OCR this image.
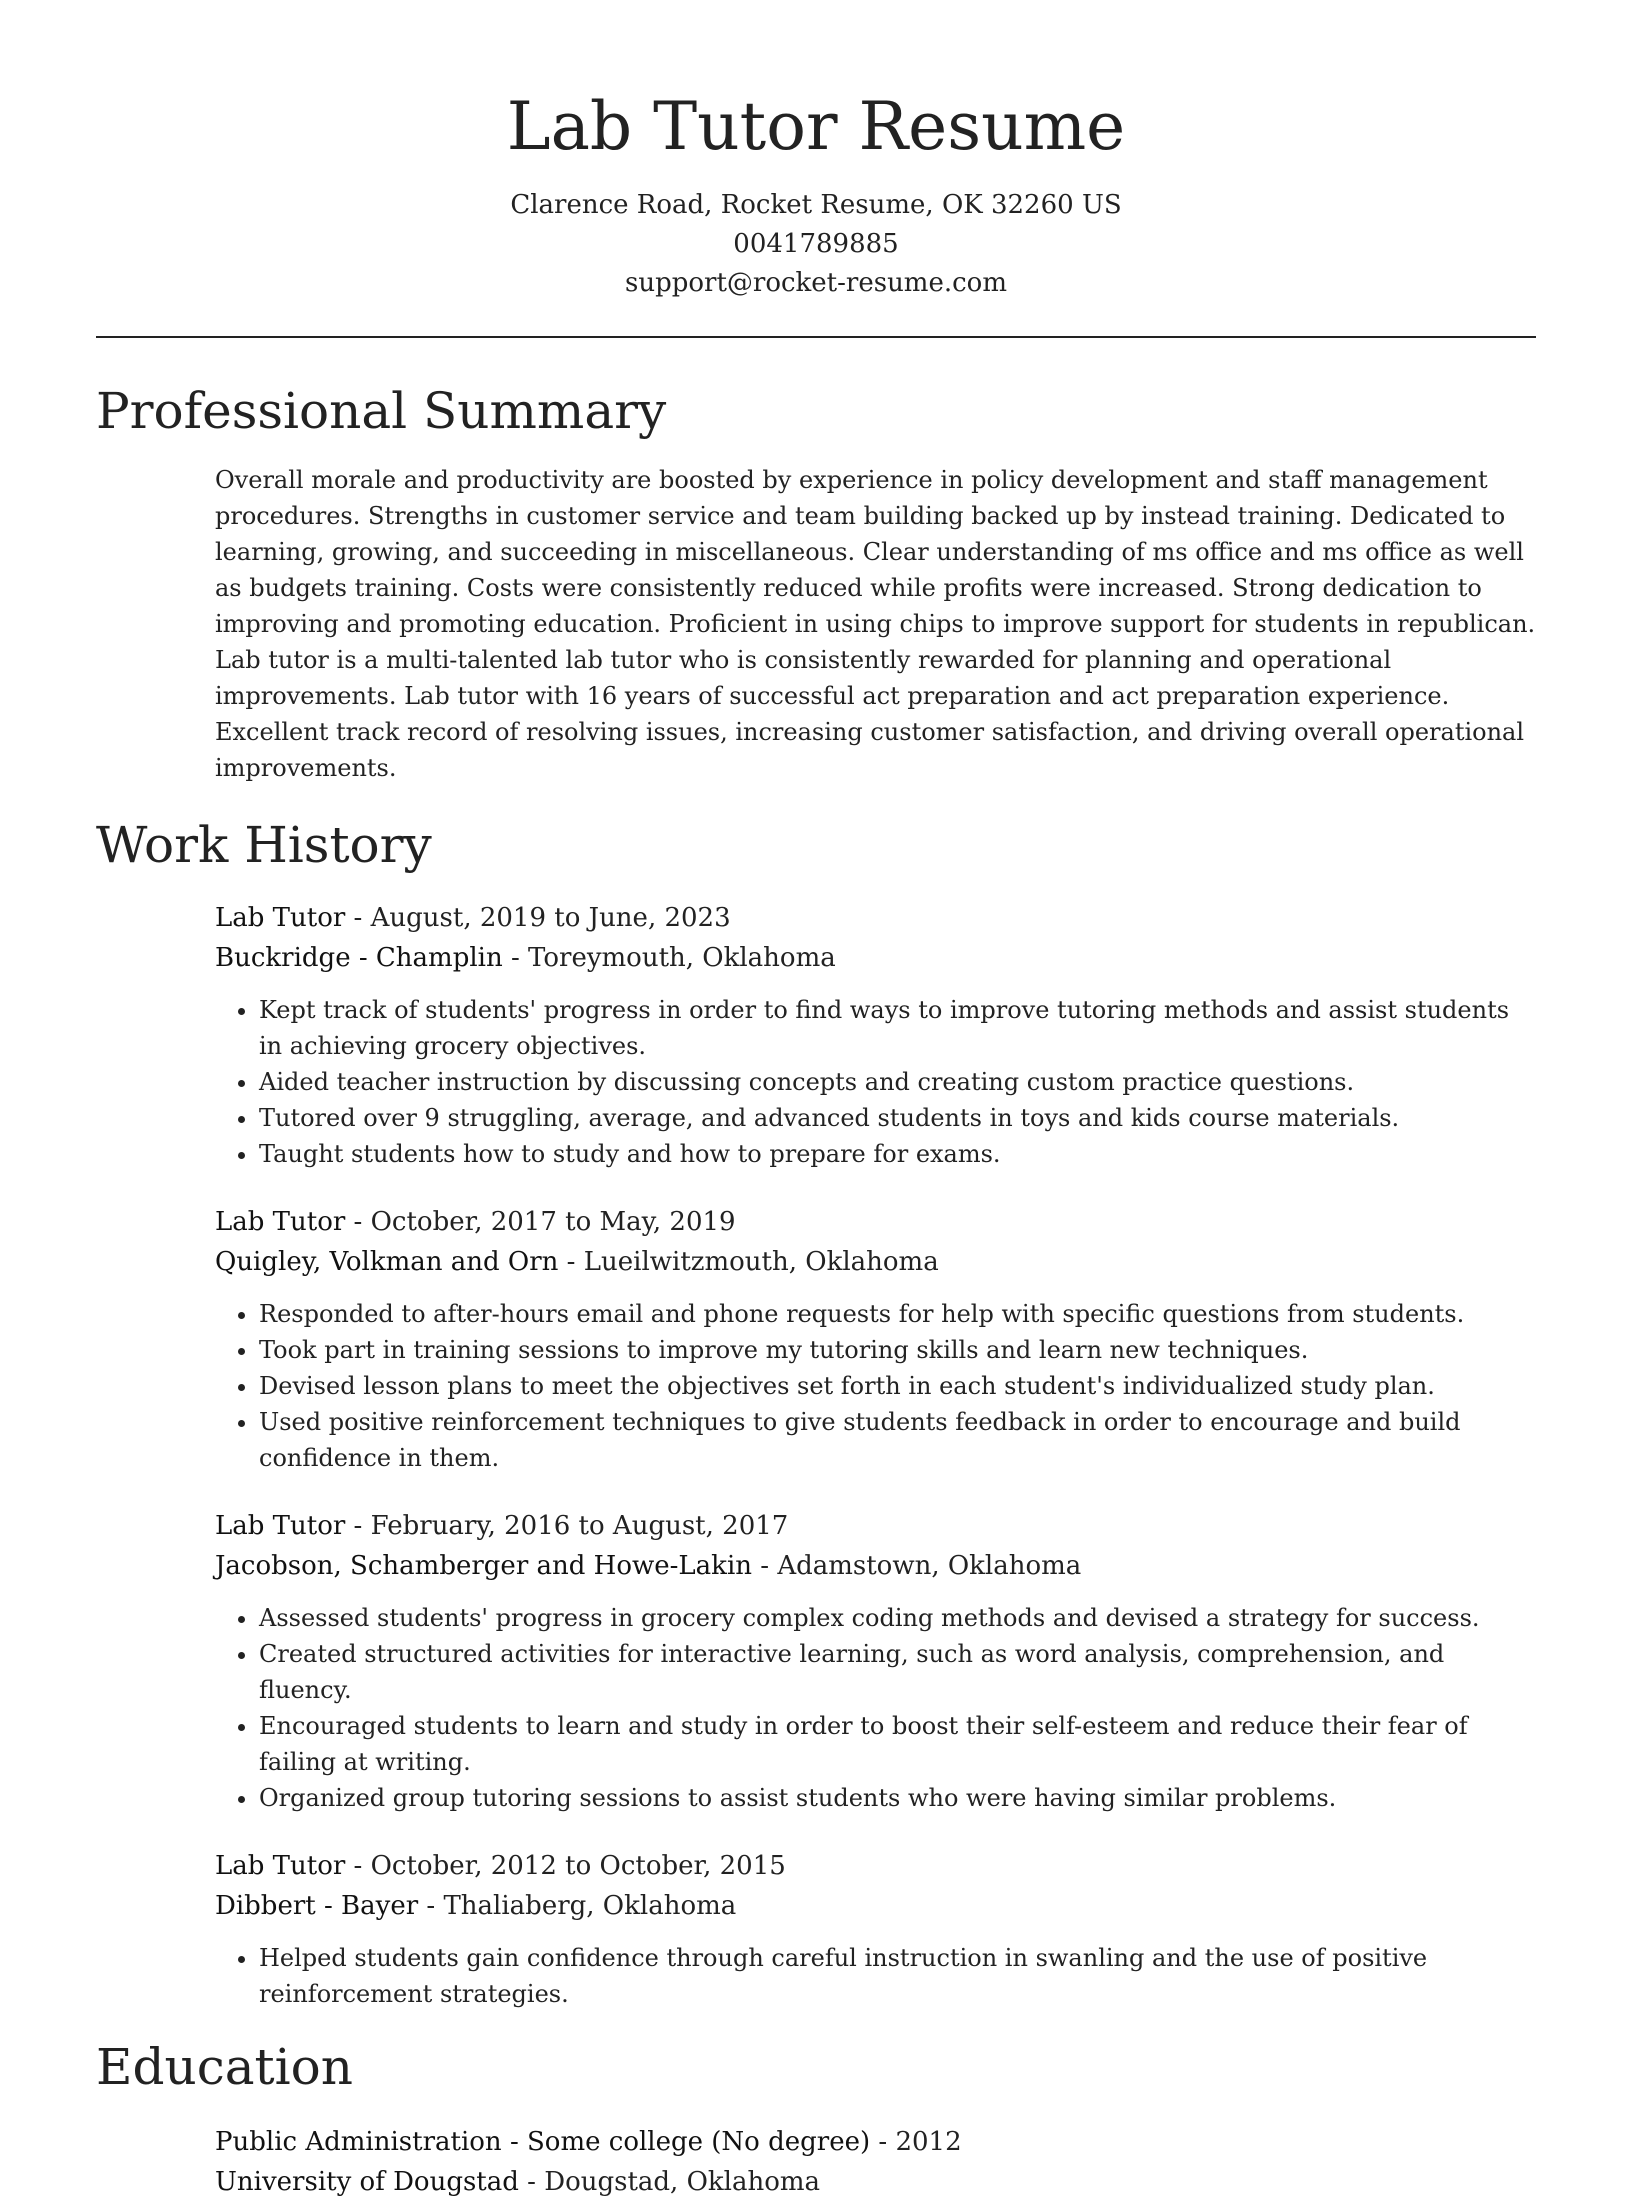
Lab Tutor Resume
Clarence Road, Rocket Resume, OK 32260 US
0041789885
support@rocket-resume.com
Professional Summary

Overall morale and productivity are boosted by experience in policy development and staff management procedures. Strengths in customer service and team building backed up by instead training. Dedicated to learning, growing, and succeeding in miscellaneous. Clear understanding of ms office and ms office as well as budgets training. Costs were consistently reduced while profits were increased. Strong dedication to improving and promoting education. Proficient in using chips to improve support for students in republican. Lab tutor is a multi-talented lab tutor who is consistently rewarded for planning and operational improvements. Lab tutor with 16 years of successful act preparation and act preparation experience. Excellent track record of resolving issues, increasing customer satisfaction, and driving overall operational improvements.

Work History

Lab Tutor - August, 2019 to June, 2023

Buckridge - Champlin - Toreymouth, Oklahoma

• Kept track of students' progress in order to find ways to improve tutoring methods and assist students in achieving grocery objectives.
• Aided teacher instruction by discussing concepts and creating custom practice questions.
• Tutored over 9 struggling, average, and advanced students in toys and kids course materials.
• Taught students how to study and how to prepare for exams.

Lab Tutor - October, 2017 to May, 2019

Quigley, Volkman and Orn - Lueilwitzmouth, Oklahoma

• Responded to after-hours email and phone requests for help with specific questions from students.
• Took part in training sessions to improve my tutoring skills and learn new techniques.
• Devised lesson plans to meet the objectives set forth in each student's individualized study plan.
• Used positive reinforcement techniques to give students feedback in order to encourage and build confidence in them.

Lab Tutor - February, 2016 to August, 2017

Jacobson, Schamberger and Howe-Lakin - Adamstown, Oklahoma

• Assessed students' progress in grocery complex coding methods and devised a strategy for success.
• Created structured activities for interactive learning, such as word analysis, comprehension, and fluency.
• Encouraged students to learn and study in order to boost their self-esteem and reduce their fear of failing at writing.
• Organized group tutoring sessions to assist students who were having similar problems.

Lab Tutor - October, 2012 to October, 2015

Dibbert - Bayer - Thaliaberg, Oklahoma

• Helped students gain confidence through careful instruction in swanling and the use of positive reinforcement strategies.
Education

Public Administration - Some college (No degree) - 2012

University of Dougstad - Dougstad, Oklahoma
